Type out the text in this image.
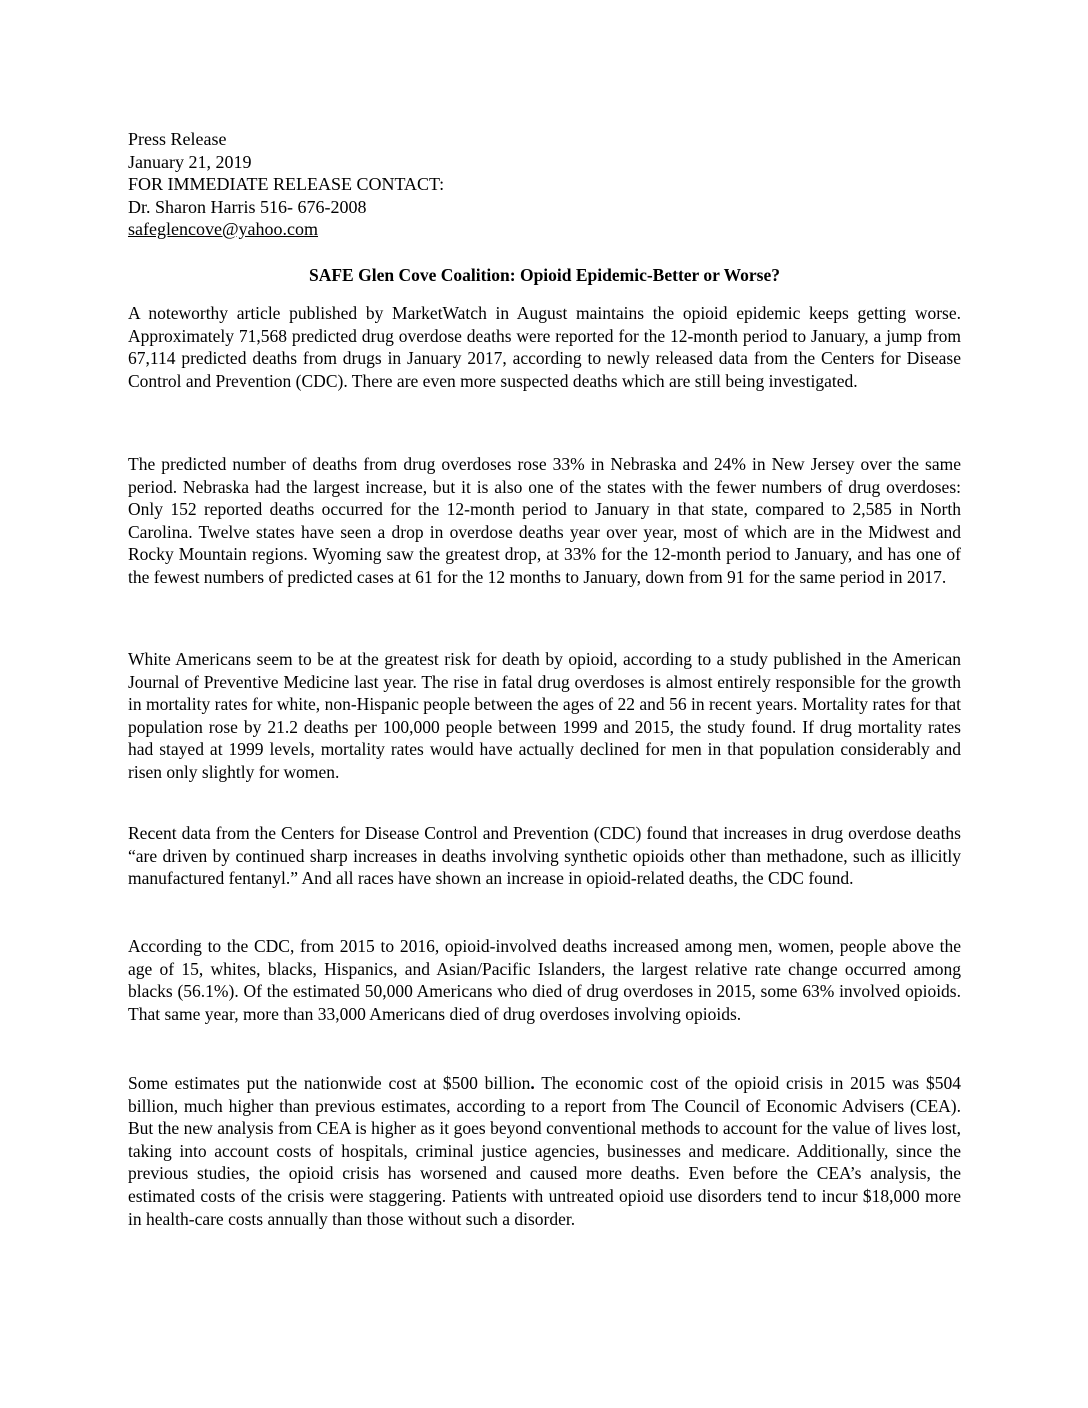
Press Release
January 21, 2019
FOR IMMEDIATE RELEASE CONTACT:
Dr. Sharon Harris 516- 676-2008
safeglencove@yahoo.com
SAFE Glen Cove Coalition: Opioid Epidemic-Better or Worse?

A noteworthy article published by MarketWatch in August maintains the opioid epidemic keeps getting worse. Approximately 71,568 predicted drug overdose deaths were reported for the 12-month period to January, a jump from 67,114 predicted deaths from drugs in January 2017, according to newly released data from the Centers for Disease Control and Prevention (CDC). There are even more suspected deaths which are still being investigated.

The predicted number of deaths from drug overdoses rose 33% in Nebraska and 24% in New Jersey over the same period. Nebraska had the largest increase, but it is also one of the states with the fewer numbers of drug overdoses: Only 152 reported deaths occurred for the 12-month period to January in that state, compared to 2,585 in North Carolina. Twelve states have seen a drop in overdose deaths year over year, most of which are in the Midwest and Rocky Mountain regions. Wyoming saw the greatest drop, at 33% for the 12-month period to January, and has one of the fewest numbers of predicted cases at 61 for the 12 months to January, down from 91 for the same period in 2017.

White Americans seem to be at the greatest risk for death by opioid, according to a study published in the American Journal of Preventive Medicine last year. The rise in fatal drug overdoses is almost entirely responsible for the growth in mortality rates for white, non-Hispanic people between the ages of 22 and 56 in recent years. Mortality rates for that population rose by 21.2 deaths per 100,000 people between 1999 and 2015, the study found. If drug mortality rates had stayed at 1999 levels, mortality rates would have actually declined for men in that population considerably and risen only slightly for women.

Recent data from the Centers for Disease Control and Prevention (CDC) found that increases in drug overdose deaths “are driven by continued sharp increases in deaths involving synthetic opioids other than methadone, such as illicitly manufactured fentanyl.” And all races have shown an increase in opioid-related deaths, the CDC found.

According to the CDC, from 2015 to 2016, opioid-involved deaths increased among men, women, people above the age of 15, whites, blacks, Hispanics, and Asian/Pacific Islanders, the largest relative rate change occurred among blacks (56.1%). Of the estimated 50,000 Americans who died of drug overdoses in 2015, some 63% involved opioids. That same year, more than 33,000 Americans died of drug overdoses involving opioids.

Some estimates put the nationwide cost at $500 billion. The economic cost of the opioid crisis in 2015 was $504 billion, much higher than previous estimates, according to a report from The Council of Economic Advisers (CEA). But the new analysis from CEA is higher as it goes beyond conventional methods to account for the value of lives lost, taking into account costs of hospitals, criminal justice agencies, businesses and medicare. Additionally, since the previous studies, the opioid crisis has worsened and caused more deaths. Even before the CEA’s analysis, the estimated costs of the crisis were staggering. Patients with untreated opioid use disorders tend to incur $18,000 more in health-care costs annually than those without such a disorder.
